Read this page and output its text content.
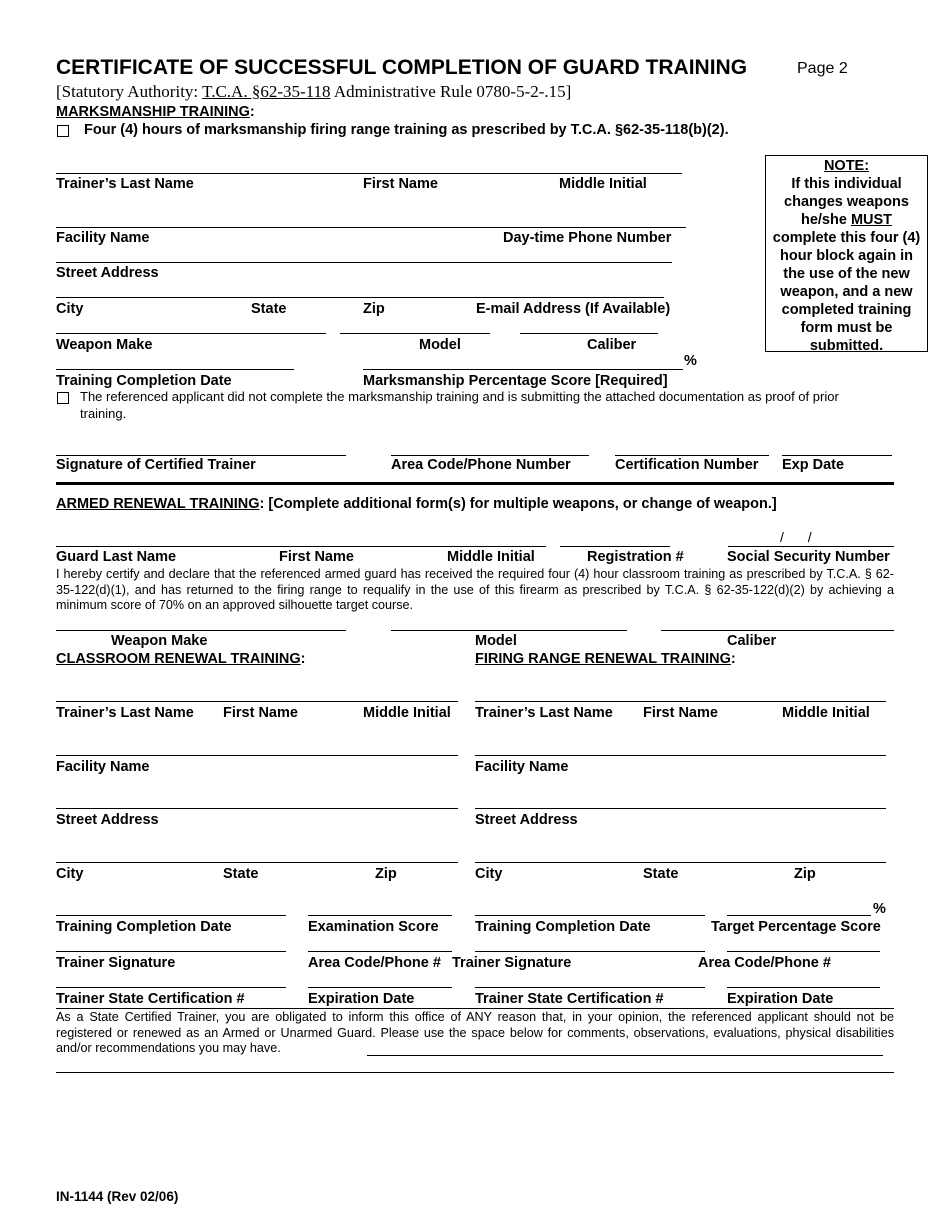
CERTIFICATE OF SUCCESSFUL COMPLETION OF GUARD TRAINING	Page 2
[Statutory Authority: T.C.A. §62-35-118 Administrative Rule 0780-5-2-.15]
MARKSMANSHIP TRAINING:
Four (4) hours of marksmanship firing range training as prescribed by T.C.A. §62-35-118(b)(2).
NOTE:
If this individual
changes weapons
he/she MUST
complete this four (4)
hour block again in
the use of the new
weapon, and a new
completed training
form must be
submitted.
Trainer’s Last Name	First Name	Middle Initial
Facility Name	Day-time Phone Number
Street Address
City	State	Zip	E-mail Address (If Available)
Weapon Make	Model	Caliber
%
Training Completion Date	Marksmanship Percentage Score [Required]
The referenced applicant did not complete the marksmanship training and is submitting the attached documentation as proof of prior
training.
Signature of Certified Trainer	Area Code/Phone Number	Certification Number Exp Date
ARMED RENEWAL TRAINING: [Complete additional form(s) for multiple weapons, or change of weapon.]
/ /
Guard Last Name	First Name	Middle Initial	Registration #	Social Security Number
I hereby certify and declare that the referenced armed guard has received the required four (4) hour classroom training as prescribed by T.C.A. § 62-35-122(d)(1), and has returned to the firing range to requalify in the use of this firearm as prescribed by T.C.A. § 62-35-122(d)(2) by achieving a minimum score of 70% on an approved silhouette target course.
Weapon Make	Model	Caliber
CLASSROOM RENEWAL TRAINING:	FIRING RANGE RENEWAL TRAINING:
Trainer’s Last Name First Name	Middle Initial
Facility Name
Street Address
City	State	Zip
Training Completion Date	Examination Score
Trainer Signature	Area Code/Phone #
Trainer State Certification #	Expiration Date
Trainer’s Last Name First Name	Middle Initial
Facility Name
Street Address
City	State	Zip
%
Training Completion Date	Target Percentage Score
Trainer Signature	Area Code/Phone #
Trainer State Certification #	Expiration Date
As a State Certified Trainer, you are obligated to inform this office of ANY reason that, in your opinion, the referenced applicant should not be registered or renewed as an Armed or Unarmed Guard. Please use the space below for comments, observations, evaluations, physical disabilities and/or recommendations you may have.
IN-1144 (Rev 02/06)
